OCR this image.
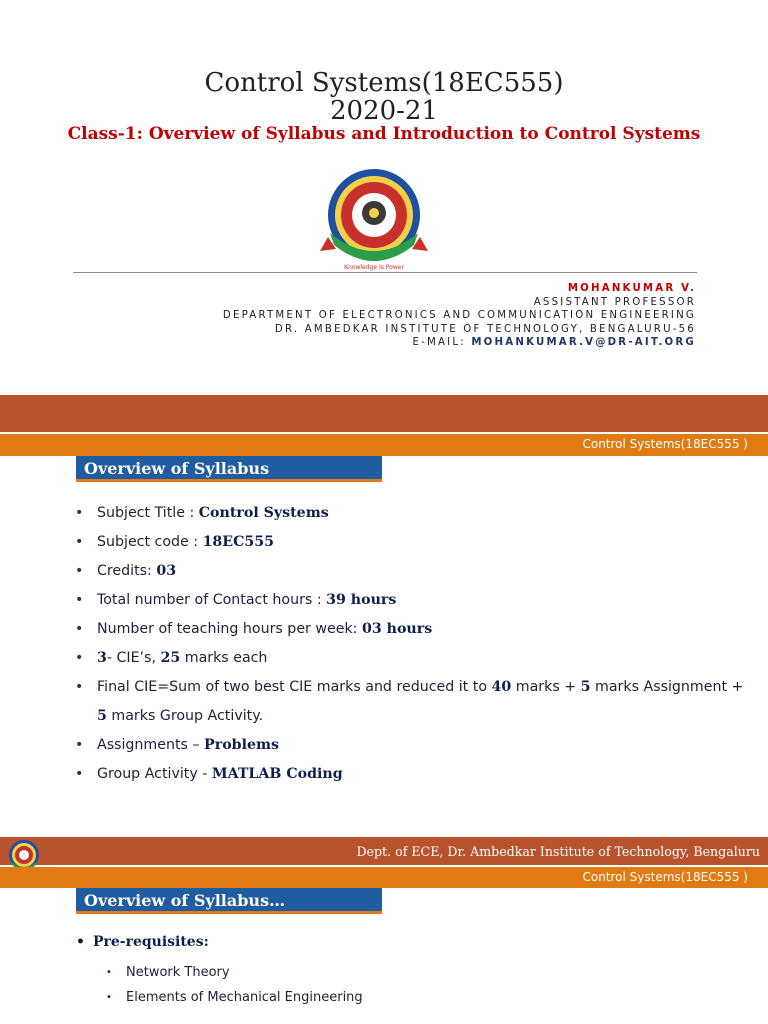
Control Systems(18EC555)
2020-21
Class-1: Overview of Syllabus and Introduction to Control Systems
Knowledge Is Power
MOHANKUMAR V.
ASSISTANT PROFESSOR
DEPARTMENT OF ELECTRONICS AND COMMUNICATION ENGINEERING
DR. AMBEDKAR INSTITUTE OF TECHNOLOGY, BENGALURU-56
E-MAIL: MOHANKUMAR.V@DR-AIT.ORG
Control Systems(18EC555 )
Overview of Syllabus
• Subject Title : Control Systems
• Subject code : 18EC555
• Credits: 03
• Total number of Contact hours : 39 hours
• Number of teaching hours per week: 03 hours
• 3- CIE’s, 25 marks each
• Final CIE=Sum of two best CIE marks and reduced it to 40 marks + 5 marks Assignment + 5 marks Group Activity.
• Assignments – Problems
• Group Activity - MATLAB Coding
Dept. of ECE, Dr. Ambedkar Institute of Technology, Bengaluru
Control Systems(18EC555 )
Overview of Syllabus…
• Pre-requisites:
• Network Theory
• Elements of Mechanical Engineering
